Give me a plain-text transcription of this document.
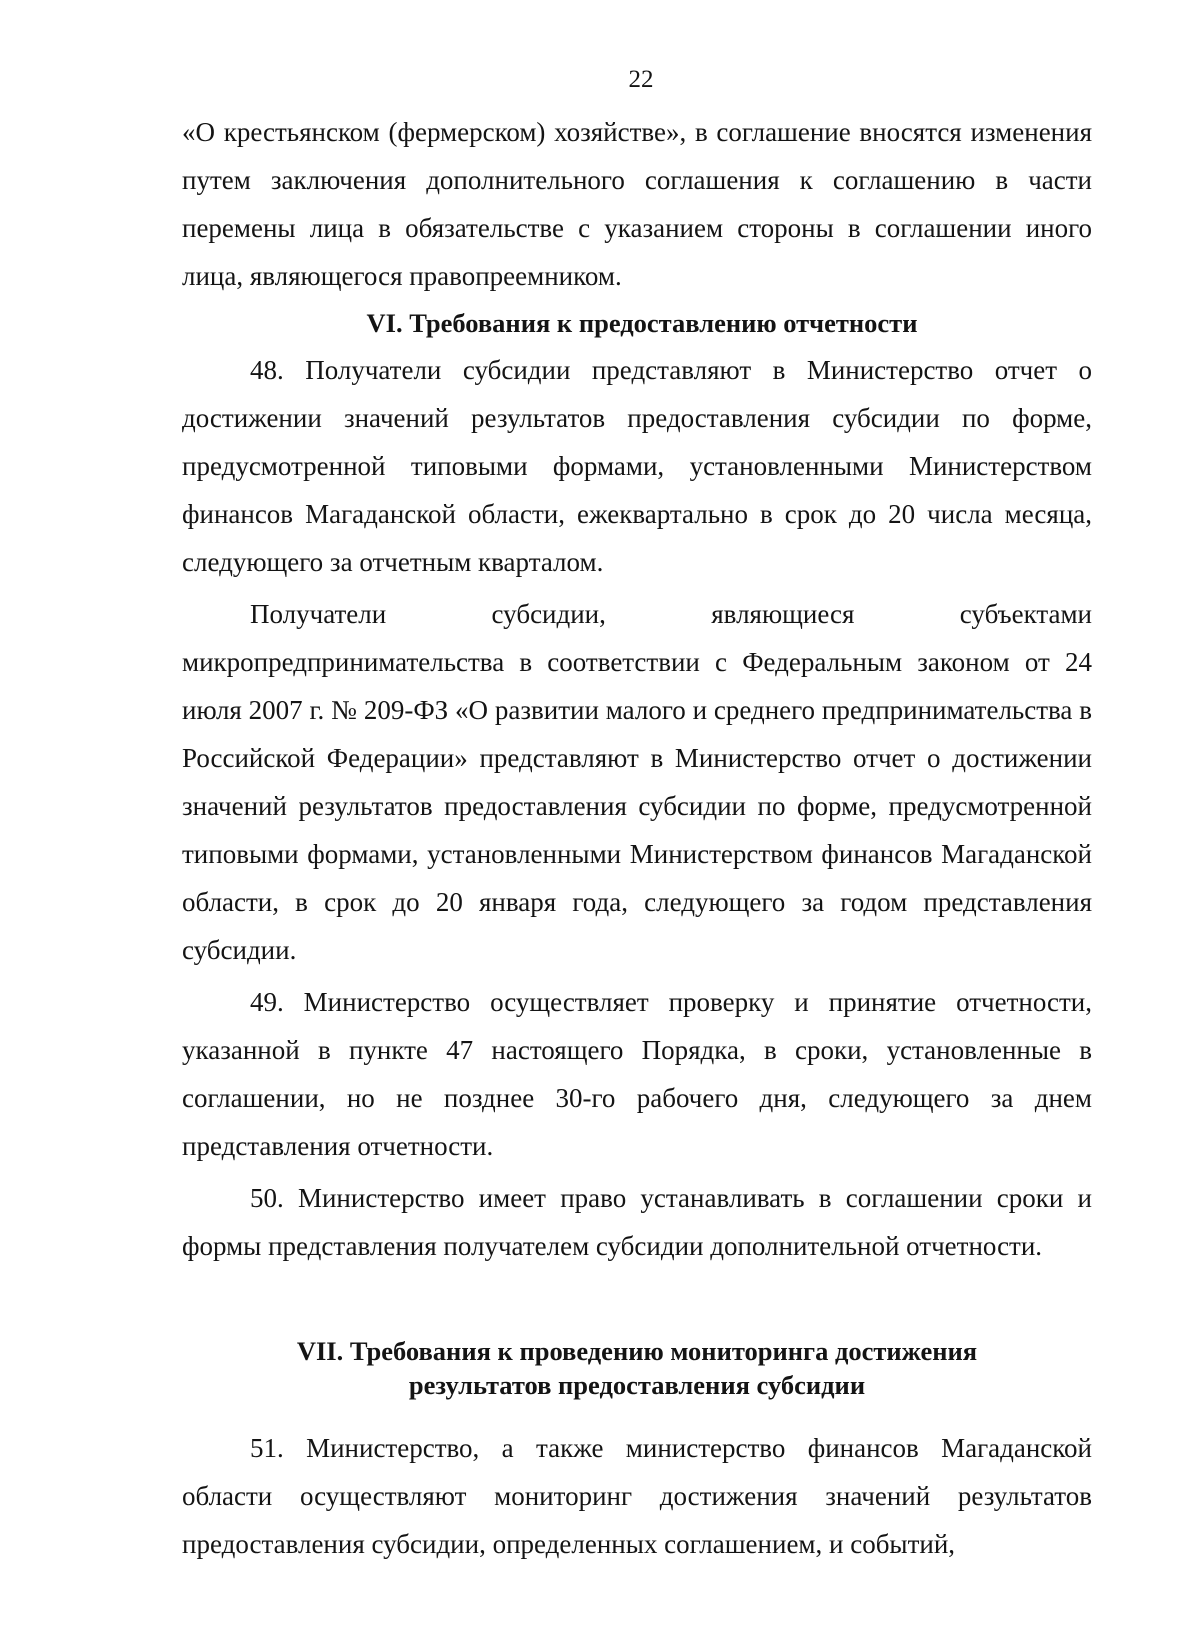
22

«О крестьянском (фермерском) хозяйстве», в соглашение вносятся изменения путем заключения дополнительного соглашения к соглашению в части перемены лица в обязательстве с указанием стороны в соглашении иного лица, являющегося правопреемником.

VI. Требования к предоставлению отчетности

48. Получатели субсидии представляют в Министерство отчет о достижении значений результатов предоставления субсидии по форме, предусмотренной типовыми формами, установленными Министерством финансов Магаданской области, ежеквартально в срок до 20 числа месяца, следующего за отчетным кварталом.

Получатели субсидии, являющиеся субъектами микропредпринимательства в соответствии с Федеральным законом от 24 июля 2007 г. № 209-ФЗ «О развитии малого и среднего предпринимательства в Российской Федерации» представляют в Министерство отчет о достижении значений результатов предоставления субсидии по форме, предусмотренной типовыми формами, установленными Министерством финансов Магаданской области, в срок до 20 января года, следующего за годом представления субсидии.

49. Министерство осуществляет проверку и принятие отчетности, указанной в пункте 47 настоящего Порядка, в сроки, установленные в соглашении, но не позднее 30-го рабочего дня, следующего за днем представления отчетности.

50. Министерство имеет право устанавливать в соглашении сроки и формы представления получателем субсидии дополнительной отчетности.

VII. Требования к проведению мониторинга достижения
результатов предоставления субсидии

51. Министерство, а также министерство финансов Магаданской области осуществляют мониторинг достижения значений результатов предоставления субсидии, определенных соглашением, и событий,
